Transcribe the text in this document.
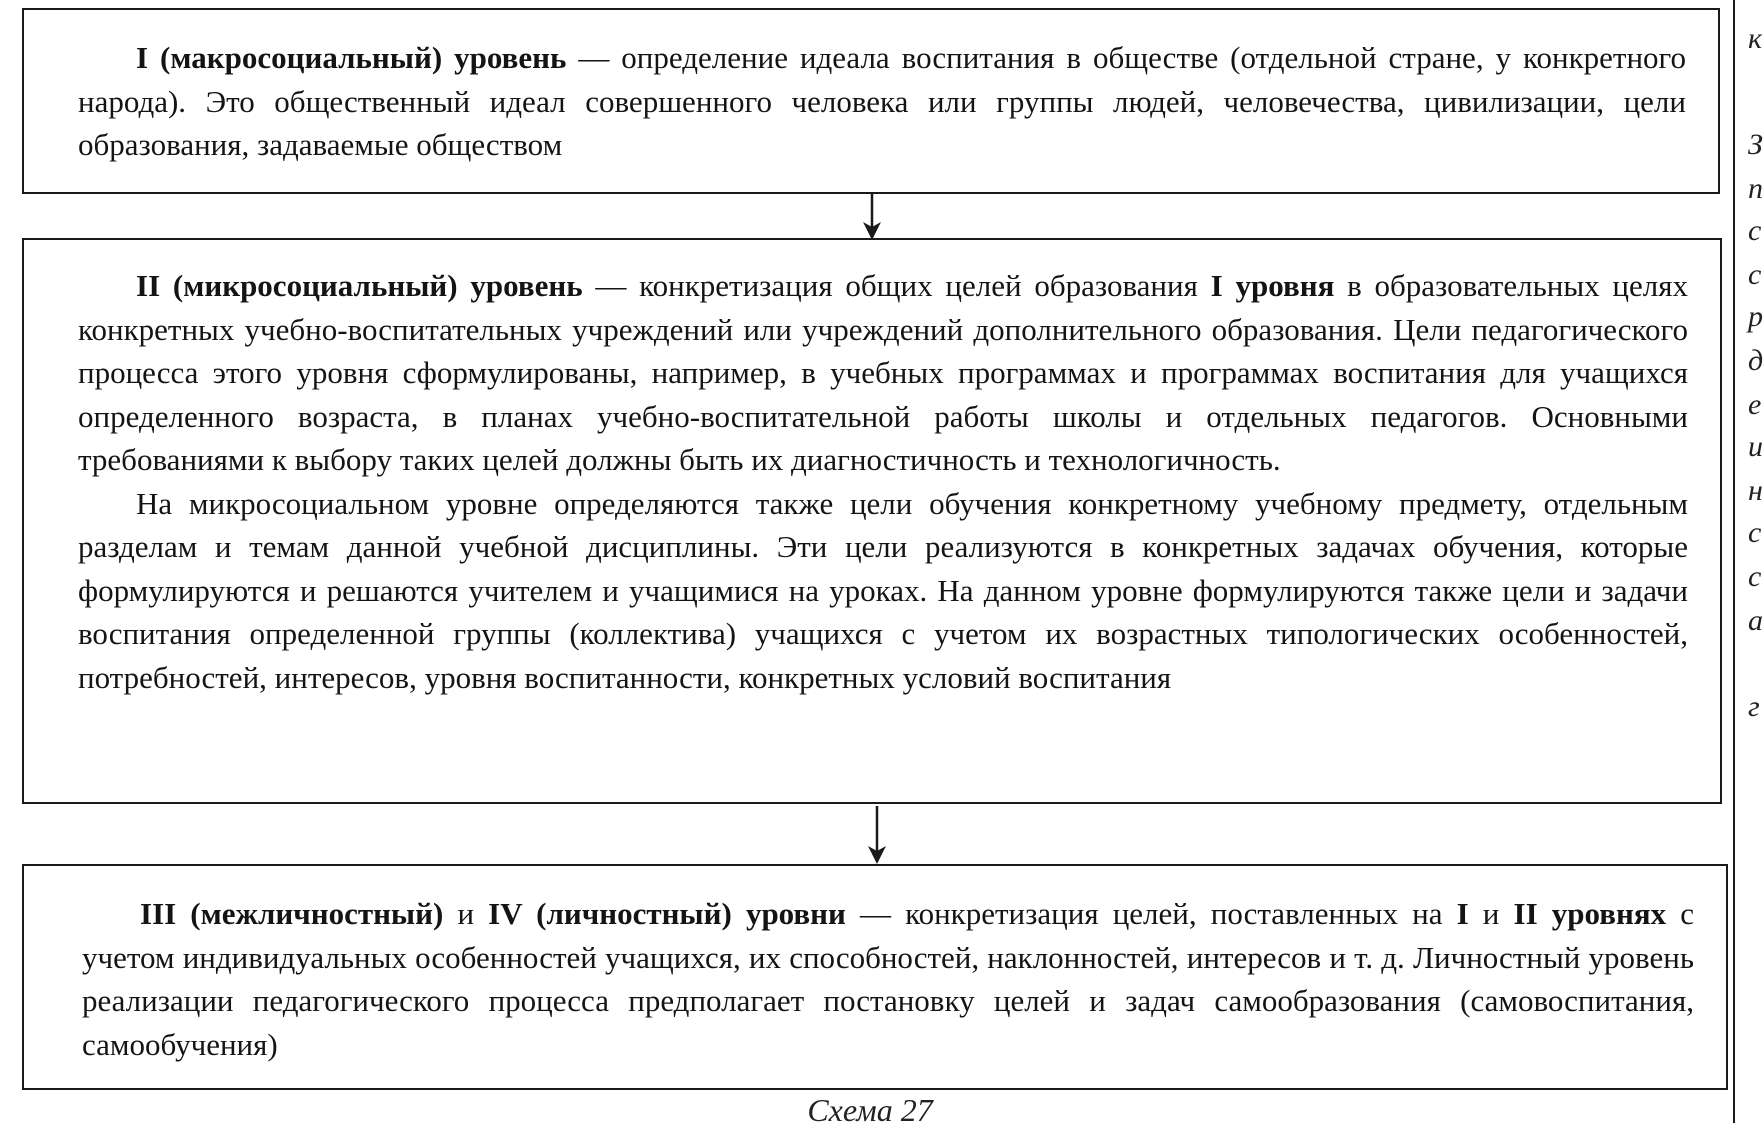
I (макросоциальный) уровень — определение идеала воспитания в обществе (отдельной стране, у конкретного народа). Это общественный идеал совершенного человека или группы людей, человечества, цивилизации, цели образования, задаваемые обществом

II (микросоциальный) уровень — конкретизация общих целей образования I уровня в образовательных целях конкретных учебно-воспитательных учреждений или учреждений дополнительного образования. Цели педагогического процесса этого уровня сформулированы, например, в учебных программах и программах воспитания для учащихся определенного возраста, в планах учебно-воспитательной работы школы и отдельных педагогов. Основными требованиями к выбору таких целей должны быть их диагностичность и технологичность.

На микросоциальном уровне определяются также цели обучения конкретному учебному предмету, отдельным разделам и темам данной учебной дисциплины. Эти цели реализуются в конкретных задачах обучения, которые формулируются и решаются учителем и учащимися на уроках. На данном уровне формулируются также цели и задачи воспитания определенной группы (коллектива) учащихся с учетом их возрастных типологических особенностей, потребностей, интересов, уровня воспитанности, конкретных условий воспитания

III (межличностный) и IV (личностный) уровни — конкретизация целей, поставленных на I и II уровнях с учетом индивидуальных особенностей учащихся, их способностей, наклонностей, интересов и т. д. Личностный уровень реализации педагогического процесса предполагает постановку целей и задач самообразования (самовоспитания, самообучения)

Схема 27
к
З
п
с
с
р
д
е
и
н
с
с
а
г
